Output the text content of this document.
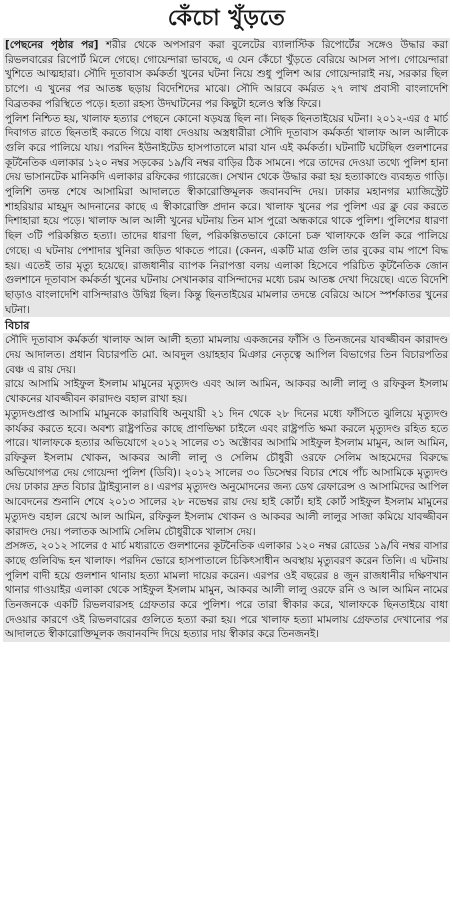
কেঁচো খুঁড়তে

[পেছনের পৃষ্ঠার পর] শরীর থেকে অপসারণ করা বুলেটের ব্যালাস্টিক রিপোর্টের সঙ্গেও উদ্ধার করা রিভলবারের রিপোর্ট মিলে গেছে। গোয়েন্দারা ভাবছে, এ যেন কেঁচো খুঁড়তে বেরিয়ে আসল সাপ। গোয়েন্দারা খুশিতে আত্মহারা। সৌদি দূতাবাস কর্মকর্তা খুনের ঘটনা নিয়ে শুধু পুলিশ আর গোয়েন্দারাই নয়, সরকার ছিল চাপে। এ খুনের পর আতঙ্ক ছড়ায় বিদেশিদের মাঝে। সৌদি আরবে কর্মরত ২৭ লাখ প্রবাসী বাংলাদেশি বিব্রতকর পরিস্থিতে পড়ে। হত্যা রহস্য উদঘাটনের পর কিছুটা হলেও স্বস্তি ফিরে।

পুলিশ নিশ্চিত হয়, খালাফ হত্যার পেছনে কোনো ষড়যন্ত্র ছিল না। নিছক ছিনতাইয়ের ঘটনা। ২০১২-এর ৫ মার্চ দিবাগত রাতে ছিনতাই করতে গিয়ে বাধা দেওয়ায় অস্ত্রধারীরা সৌদি দূতাবাস কর্মকর্তা খালাফ আল আলীকে গুলি করে পালিয়ে যায়। পরদিন ইউনাইটেড হাসপাতালে মারা যান এই কর্মকর্তা। ঘটনাটি ঘটেছিল গুলশানের কূটনৈতিক এলাকার ১২০ নম্বর সড়কের ১৯/বি নম্বর বাড়ির ঠিক সামনে। পরে তাদের দেওয়া তথ্যে পুলিশ হানা দেয় ভাসানটেক মানিকদি এলাকার রফিকের গ্যারেজে। সেখান থেকে উদ্ধার করা হয় হত্যাকাণ্ডে ব্যবহৃত গাড়ি। পুলিশি তদন্ত শেষে আসামিরা আদালতে স্বীকারোক্তিমূলক জবানবন্দি দেয়। ঢাকার মহানগর ম্যাজিস্ট্রেট শাহরিয়ার মাহমুদ আদনানের কাছে এ স্বীকারোক্তি প্রদান করে। খালাফ খুনের পর পুলিশ এর ক্লু বের করতে দিশাহারা হয়ে পড়ে। খালাফ আল আলী খুনের ঘটনায় তিন মাস পুরো অন্ধকারে থাকে পুলিশ। পুলিশের ধারণা ছিল ৩টি পরিকল্পিত হত্যা। তাদের ধারণা ছিল, পরিকল্পিতভাবে কোনো চক্র খালাফকে গুলি করে পালিয়ে গেছে। এ ঘটনায় পেশাদার খুনিরা জড়িত থাকতে পারে। (কেনন, একটি মাত্র গুলি তার বুকের বাম পাশে বিদ্ধ হয়। এতেই তার মৃত্যু হয়েছে। রাজধানীর ব্যাপক নিরাপত্তা বলয় এলাকা হিসেবে পরিচিত কূটনৈতিক জোন গুলশানে দূতাবাস কর্মকর্তা খুনের ঘটনায় সেখানকার বাসিন্দাদের মধ্যে চরম আতঙ্ক দেখা দিয়েছে। এতে বিদেশি ছাড়াও বাংলাদেশি বাসিন্দারাও উদ্বিগ্ন ছিল। কিন্তু ছিনতাইয়ের মামলার তদন্তে বেরিয়ে আসে স্পর্শকাতর খুনের ঘটনা।

বিচার

সৌদি দূতাবাস কর্মকর্তা খালাফ আল আলী হত্যা মামলায় একজনের ফাঁসি ও তিনজনের যাবজ্জীবন কারাদণ্ড দেয় আদালত। প্রধান বিচারপতি মো. আবদুল ওয়াহহাব মিঞার নেতৃত্বে আপিল বিভাগের তিন বিচারপতির বেঞ্চ এ রায় দেয়।

রায়ে আসামি সাইফুল ইসলাম মামুনের মৃত্যুদণ্ড এবং আল আমিন, আকবর আলী লালু ও রফিকুল ইসলাম খোকনের যাবজ্জীবন কারাদণ্ড বহাল রাখা হয়।

মৃত্যুদণ্ডপ্রাপ্ত আসামি মামুনকে কারাবিধি অনুযায়ী ২১ দিন থেকে ২৮ দিনের মধ্যে ফাঁসিতে ঝুলিয়ে মৃত্যুদণ্ড কার্যকর করতে হবে। অবশ্য রাষ্ট্রপতির কাছে প্রাণভিক্ষা চাইলে এবং রাষ্ট্রপতি ক্ষমা করলে মৃত্যুদণ্ড রহিত হতে পারে। খালাফকে হত্যার অভিযোগে ২০১২ সালের ৩১ অক্টোবর আসামি সাইফুল ইসলাম মামুন, আল আমিন, রফিকুল ইসলাম খোকন, আকবর আলী লালু ও সেলিম চৌধুরী ওরফে সেলিম আহমেদের বিরুদ্ধে অভিযোগপত্র দেয় গোয়েন্দা পুলিশ (ডিবি)। ২০১২ সালের ৩০ ডিসেম্বর বিচার শেষে পাঁচ আসামিকে মৃত্যুদণ্ড দেয় ঢাকার দ্রুত বিচার ট্রাইব্যুনাল ৪। এরপর মৃত্যুদণ্ড অনুমোদনের জন্য ডেথ রেফারেন্স ও আসামিদের আপিল আবেদনের শুনানি শেষে ২০১৩ সালের ২৮ নভেম্বর রায় দেয় হাই কোর্ট। হাই কোর্ট সাইফুল ইসলাম মামুনের মৃত্যুদণ্ড বহাল রেখে আল আমিন, রফিকুল ইসলাম খোকন ও আকবর আলী লালুর সাজা কমিয়ে যাবজ্জীবন কারাদণ্ড দেয়। পলাতক আসামি সেলিম চৌধুরীকে খালাস দেয়।

প্রসঙ্গত, ২০১২ সালের ৫ মার্চ মধ্যরাতে গুলশানের কূটনৈতিক এলাকার ১২০ নম্বর রোডের ১৯/বি নম্বর বাসার কাছে গুলিবিদ্ধ হন খালাফ। পরদিন ভোরে হাসপাতালে চিকিৎসাধীন অবস্থায় মৃত্যুবরণ করেন তিনি। এ ঘটনায় পুলিশ বাদী হয়ে গুলশান থানায় হত্যা মামলা দায়ের করেন। এরপর ওই বছরের ৪ জুন রাজধানীর দক্ষিণখান থানার গাওয়াইর এলাকা থেকে সাইফুল ইসলাম মামুন, আকবর আলী লালু ওরফে রনি ও আল আমিন নামের তিনজনকে একটি রিভলবারসহ গ্রেফতার করে পুলিশ। পরে তারা স্বীকার করে, খালাফকে ছিনতাইয়ে বাধা দেওয়ার কারণে ওই রিভলবারের গুলিতে হত্যা করা হয়। পরে খালাফ হত্যা মামলায় গ্রেফতার দেখানোর পর আদালতে স্বীকারোক্তিমূলক জবানবন্দি দিয়ে হত্যার দায় স্বীকার করে তিনজনই।
